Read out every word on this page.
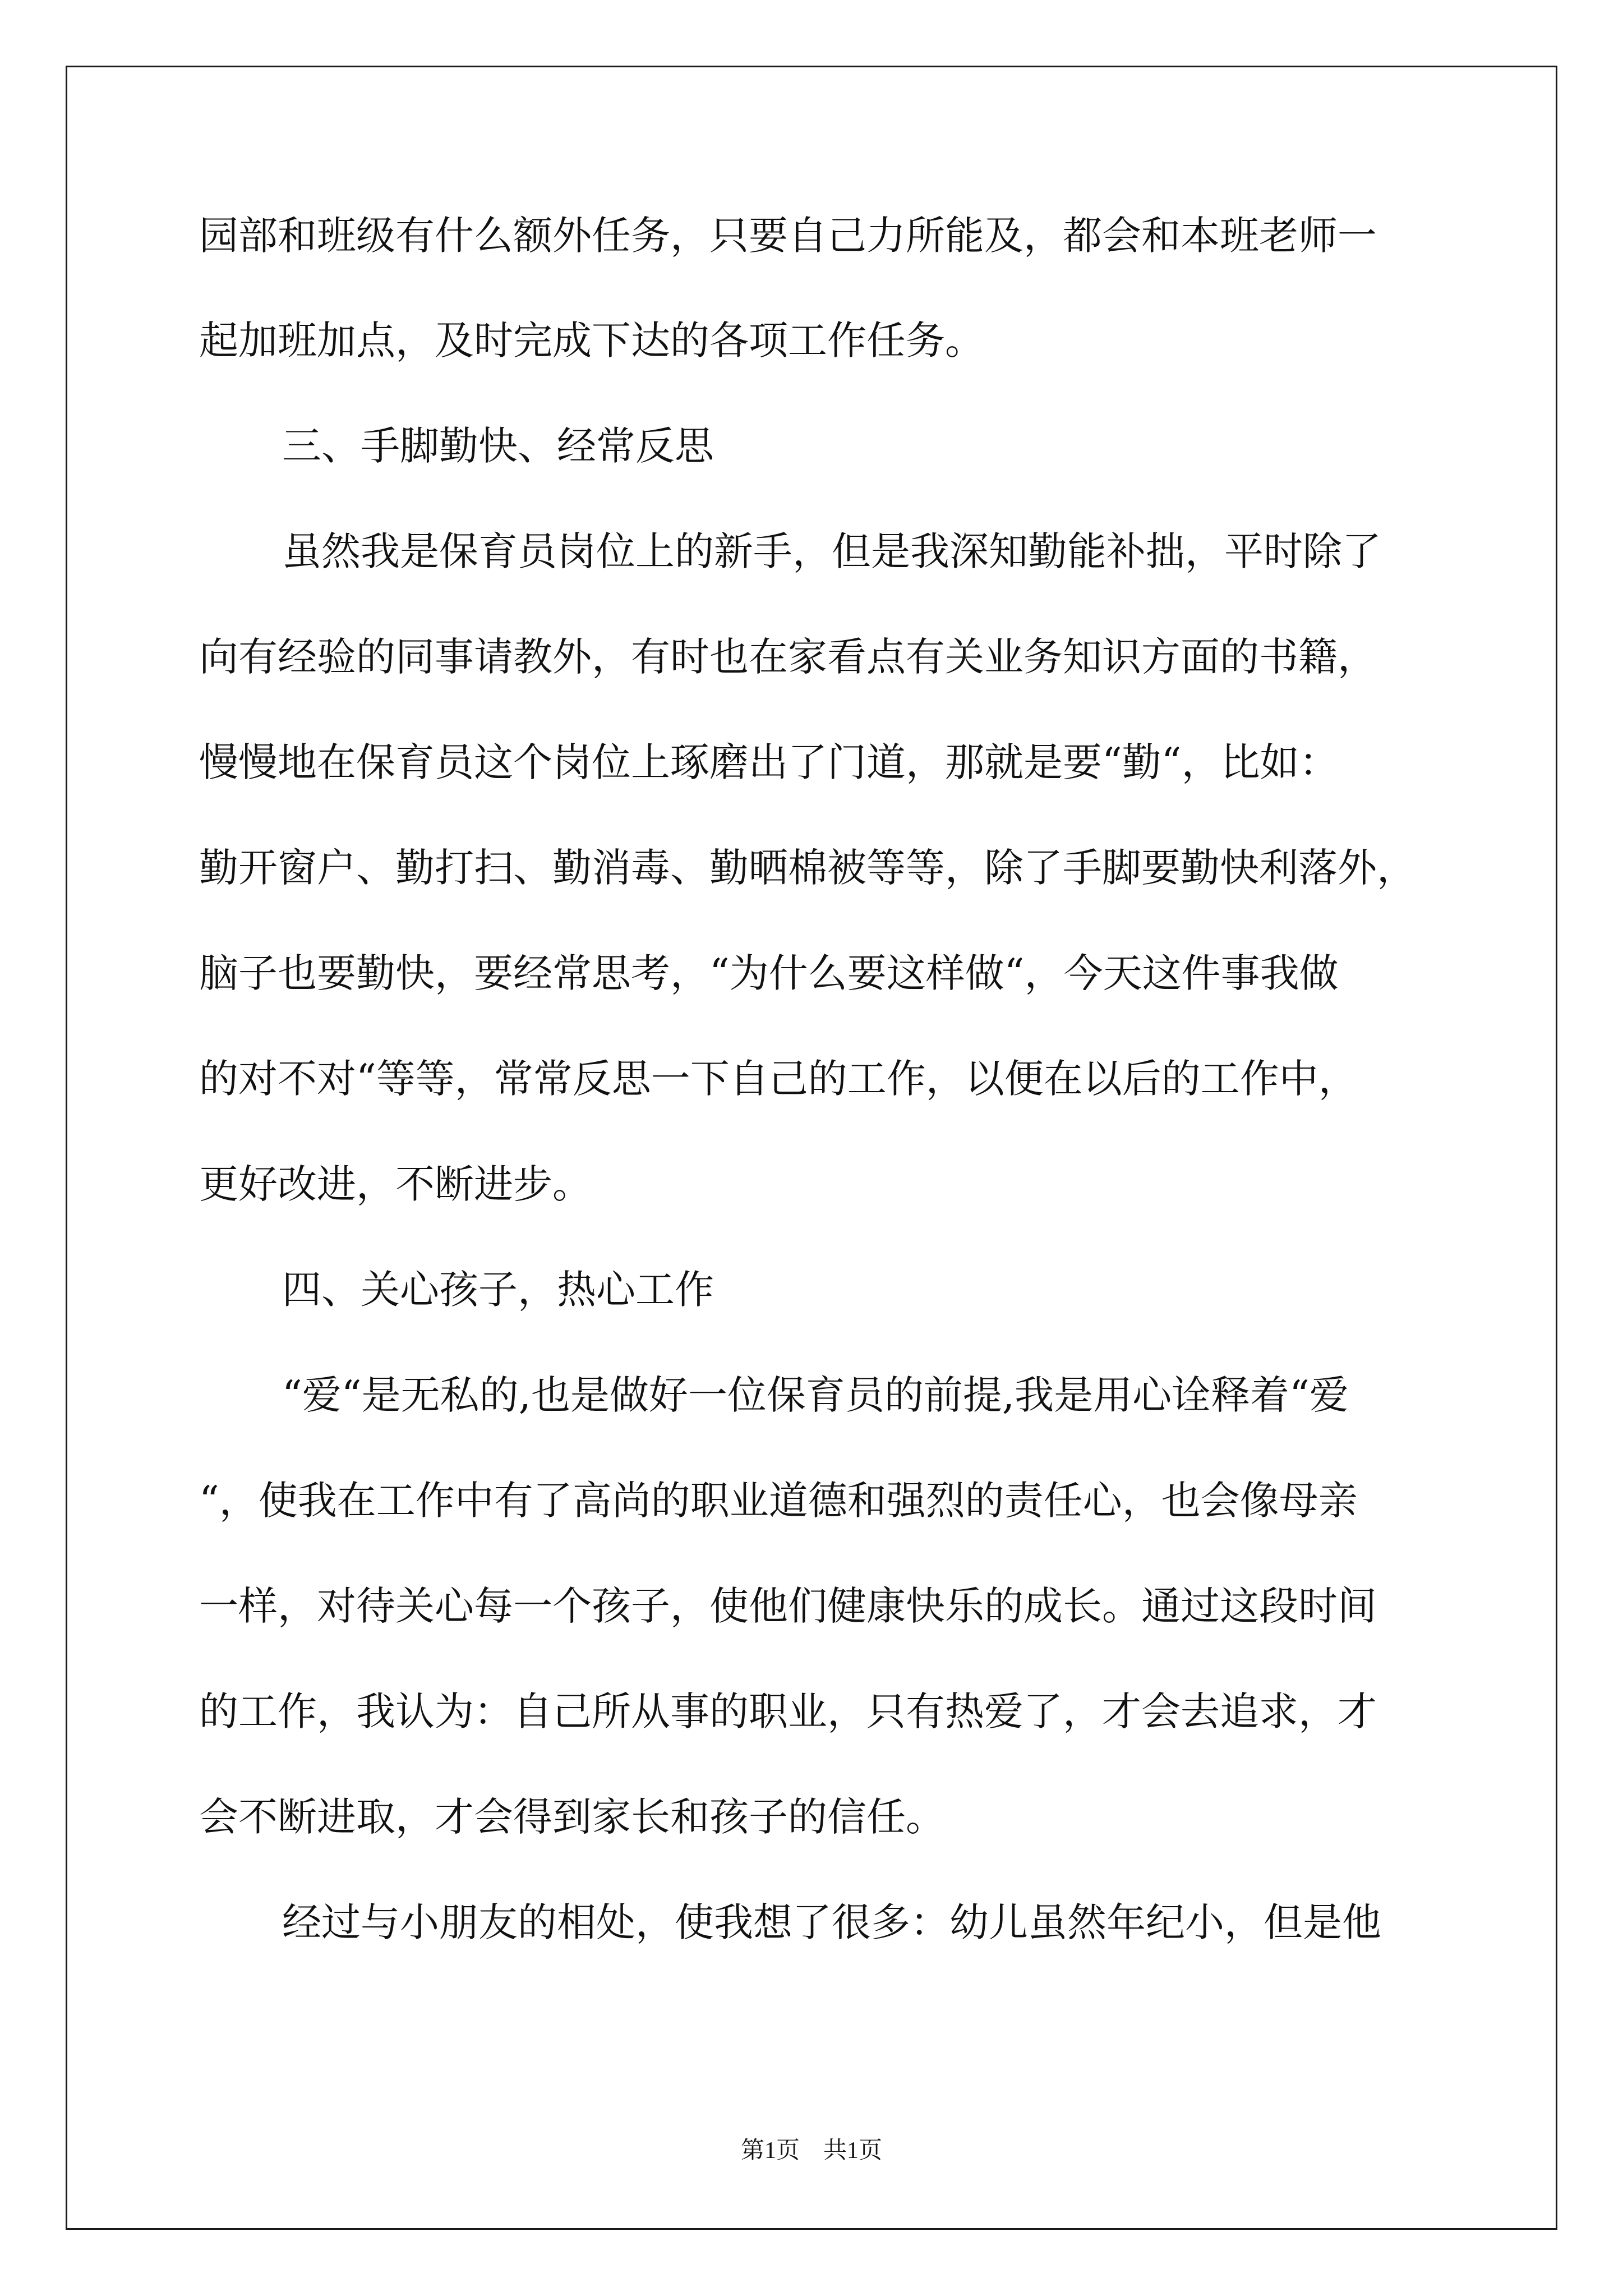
园部和班级有什么额外任务，只要自己力所能及，都会和本班老师一
起加班加点，及时完成下达的各项工作任务。
三、手脚勤快、经常反思
虽然我是保育员岗位上的新手，但是我深知勤能补拙，平时除了
向有经验的同事请教外，有时也在家看点有关业务知识方面的书籍，
慢慢地在保育员这个岗位上琢磨出了门道，那就是要“勤“，比如：
勤开窗户、勤打扫、勤消毒、勤晒棉被等等，除了手脚要勤快利落外，
脑子也要勤快，要经常思考，“为什么要这样做“，今天这件事我做
的对不对“等等，常常反思一下自己的工作，以便在以后的工作中，
更好改进，不断进步。
四、关心孩子，热心工作
“爱“是无私的,也是做好一位保育员的前提,我是用心诠释着“爱
“，使我在工作中有了高尚的职业道德和强烈的责任心，也会像母亲
一样，对待关心每一个孩子，使他们健康快乐的成长。通过这段时间
的工作，我认为：自己所从事的职业，只有热爱了，才会去追求，才
会不断进取，才会得到家长和孩子的信任。
经过与小朋友的相处，使我想了很多：幼儿虽然年纪小，但是他
第1页　共1页
